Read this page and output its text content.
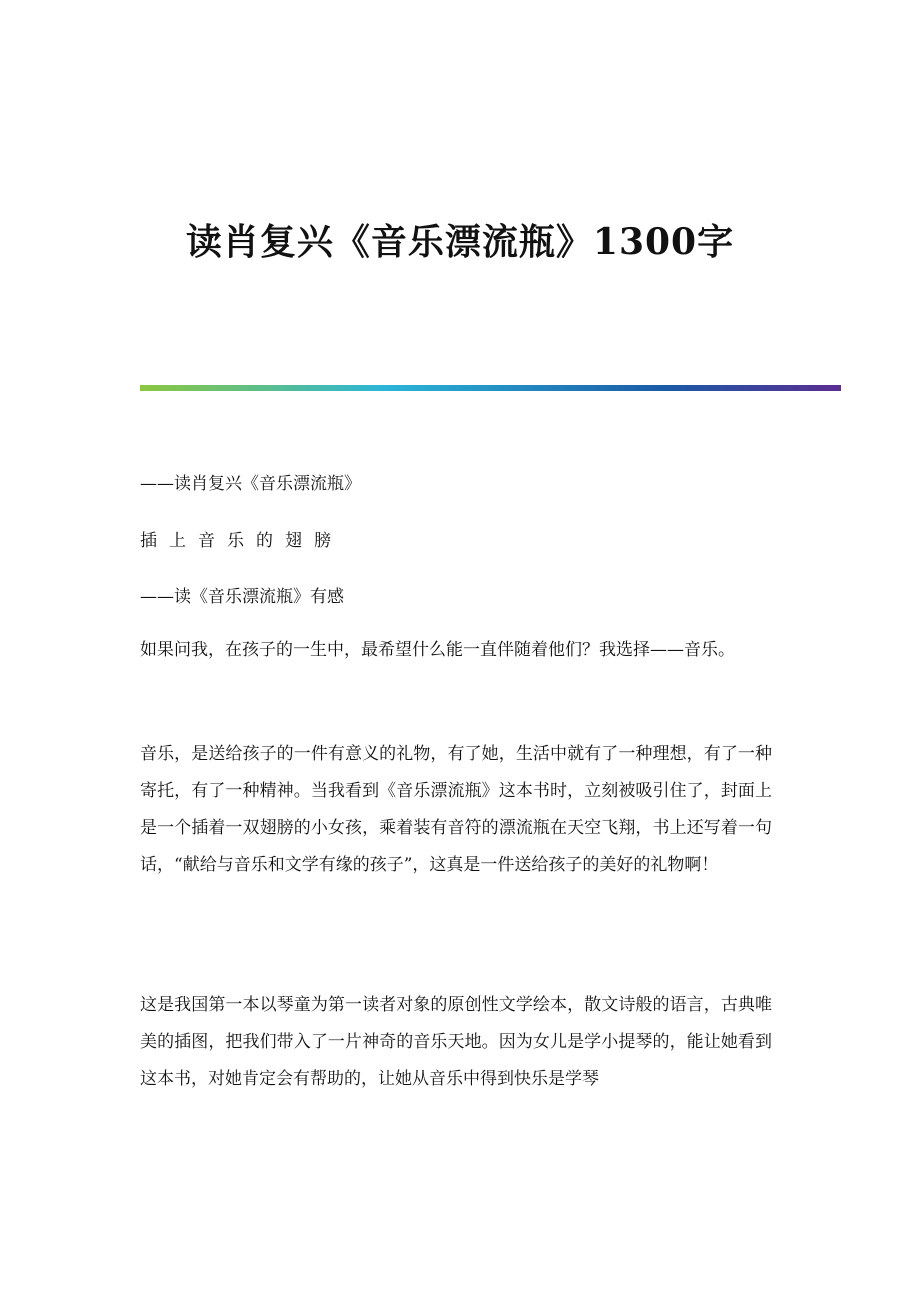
读肖复兴《音乐漂流瓶》1300字

——读肖复兴《音乐漂流瓶》

插上音乐的翅膀

——读《音乐漂流瓶》有感

如果问我，在孩子的一生中，最希望什么能一直伴随着他们？我选择——音乐。

音乐，是送给孩子的一件有意义的礼物，有了她，生活中就有了一种理想，有了一种寄托，有了一种精神。当我看到《音乐漂流瓶》这本书时，立刻被吸引住了，封面上是一个插着一双翅膀的小女孩，乘着装有音符的漂流瓶在天空飞翔，书上还写着一句话，“献给与音乐和文学有缘的孩子”，这真是一件送给孩子的美好的礼物啊！

这是我国第一本以琴童为第一读者对象的原创性文学绘本，散文诗般的语言，古典唯美的插图，把我们带入了一片神奇的音乐天地。因为女儿是学小提琴的，能让她看到这本书，对她肯定会有帮助的，让她从音乐中得到快乐是学琴
